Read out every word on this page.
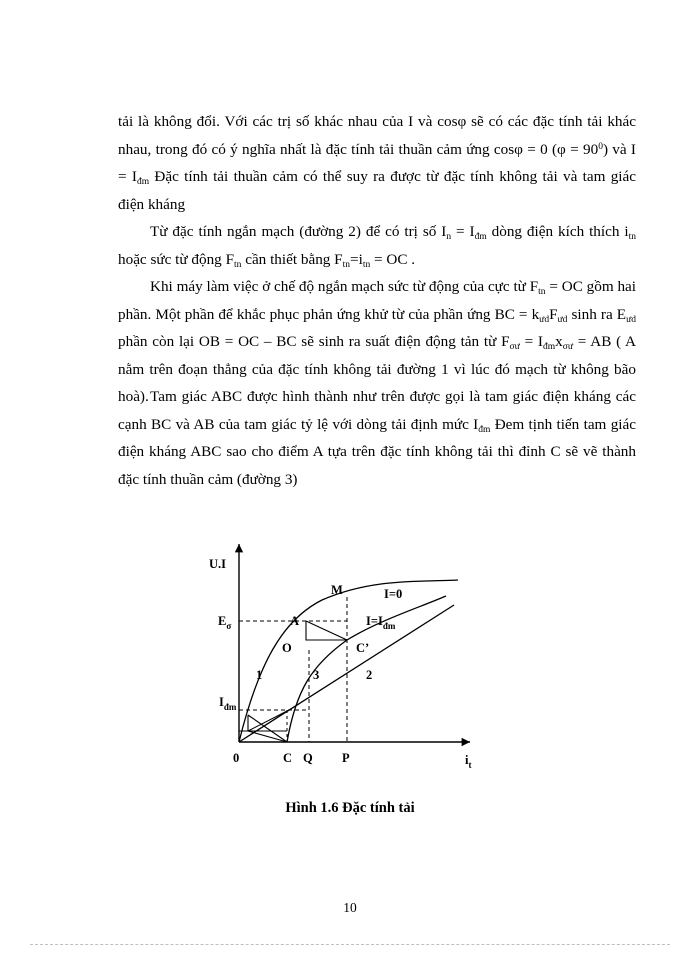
tải là không đổi. Với các trị số khác nhau của I và cosφ sẽ có các đặc tính tải khác nhau, trong đó có ý nghĩa nhất là đặc tính tải thuần cảm ứng cosφ = 0 $(\varphi = 90^0)$ và $I = I_{đm}$ Đặc tính tải thuần cảm có thể suy ra được từ đặc tính không tải và tam giác điện kháng

Từ đặc tính ngắn mạch (đường 2) để có trị số $I_n = I_{đm}$ dòng điện kích thích $i_{tn}$ hoặc sức từ động $F_{tn}$ cần thiết bằng $F_{tn}=i_{tn}$ = OC .

Khi máy làm việc ở chế độ ngắn mạch sức từ động của cực từ $F_{tn}$ = OC gồm hai phần. Một phần để khắc phục phản ứng khử từ của phần ứng BC = $k_{ưd}F_{ưd}$ sinh ra $E_{ưd}$ phần còn lại OB = OC – BC sẽ sinh ra suất điện động tản từ $F_{\sigma ư} = I_{đm}x_{\sigma ư}$ = AB ( A nằm trên đoạn thẳng của đặc tính không tải đường 1 vì lúc đó mạch từ không bão hoà). Tam giác ABC được hình thành như trên được gọi là tam giác điện kháng các cạnh BC và AB của tam giác tỷ lệ với dòng tải định mức $I_{đm}$ Đem tịnh tiến tam giác điện kháng ABC sao cho điểm A tựa trên đặc tính không tải thì đỉnh C sẽ vẽ thành đặc tính thuần cảm (đường 3)

U.I
$i_t$
$E_\sigma$
$I_{đm}$
M	I=0
A	$I=I_{đm}$
O	C’
1	3	2
0	C Q P
Hình 1.6 Đặc tính tải
10
